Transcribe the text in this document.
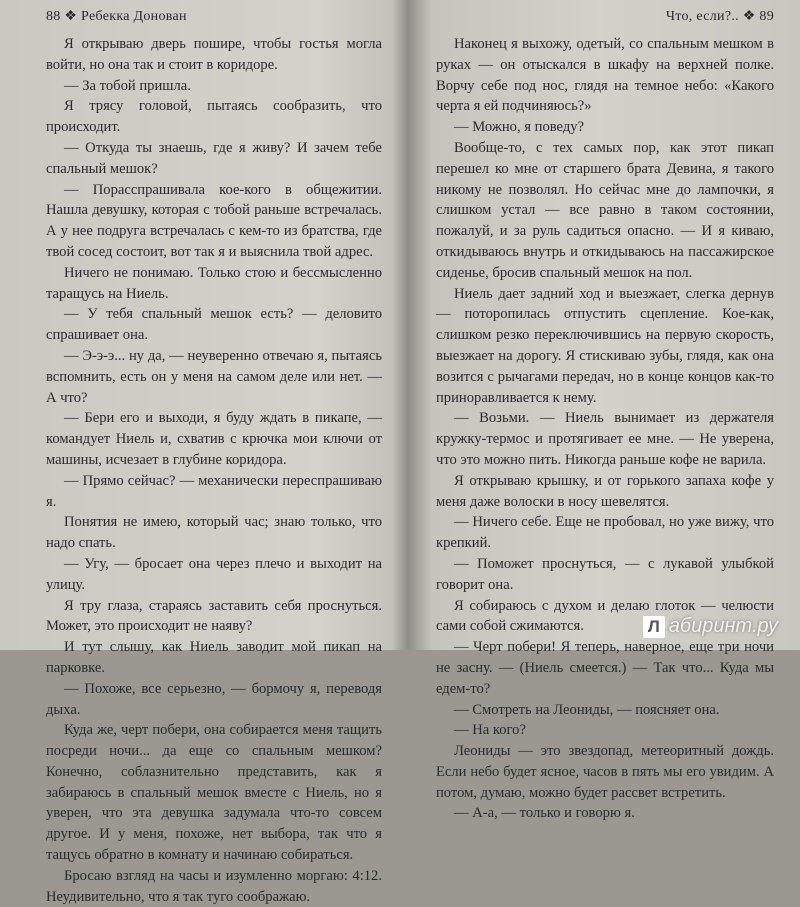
88 ❖ Ребекка Донован

Я открываю дверь пошире, чтобы гостья могла войти, но она так и стоит в коридоре.

— За тобой пришла.

Я трясу головой, пытаясь сообразить, что происходит.

— Откуда ты знаешь, где я живу? И зачем тебе спальный мешок?

— Порасспрашивала кое-кого в общежитии. Нашла девушку, которая с тобой раньше встречалась. А у нее подруга встречалась с кем-то из братства, где твой сосед состоит, вот так я и выяснила твой адрес.

Ничего не понимаю. Только стою и бессмысленно таращусь на Ниель.

— У тебя спальный мешок есть? — деловито спрашивает она.

— Э-э-э... ну да, — неуверенно отвечаю я, пытаясь вспомнить, есть он у меня на самом деле или нет. — А что?

— Бери его и выходи, я буду ждать в пикапе, — командует Ниель и, схватив с крючка мои ключи от машины, исчезает в глубине коридора.

— Прямо сейчас? — механически переспрашиваю я.

Понятия не имею, который час; знаю только, что надо спать.

— Угу, — бросает она через плечо и выходит на улицу.

Я тру глаза, стараясь заставить себя проснуться. Может, это происходит не наяву?

И тут слышу, как Ниель заводит мой пикап на парковке.

— Похоже, все серьезно, — бормочу я, переводя дыха.

Куда же, черт побери, она собирается меня тащить посреди ночи... да еще со спальным мешком? Конечно, соблазнительно представить, как я забираюсь в спальный мешок вместе с Ниель, но я уверен, что эта девушка задумала что-то совсем другое. И у меня, похоже, нет выбора, так что я тащусь обратно в комнату и начинаю собираться.

Бросаю взгляд на часы и изумленно моргаю: 4:12. Неудивительно, что я так туго соображаю.

Что, если?.. ❖ 89

Наконец я выхожу, одетый, со спальным мешком в руках — он отыскался в шкафу на верхней полке. Ворчу себе под нос, глядя на темное небо: «Какого черта я ей подчиняюсь?»

— Можно, я поведу?

Вообще-то, с тех самых пор, как этот пикап перешел ко мне от старшего брата Девина, я такого никому не позволял. Но сейчас мне до лампочки, я слишком устал — все равно в таком состоянии, пожалуй, и за руль садиться опасно. — И я киваю, откидываюсь внутрь и откидываюсь на пассажирское сиденье, бросив спальный мешок на пол.

Ниель дает задний ход и выезжает, слегка дернув — поторопилась отпустить сцепление. Кое-как, слишком резко переключившись на первую скорость, выезжает на дорогу. Я стискиваю зубы, глядя, как она возится с рычагами передач, но в конце концов как-то приноравливается к нему.

— Возьми. — Ниель вынимает из держателя кружку-термос и протягивает ее мне. — Не уверена, что это можно пить. Никогда раньше кофе не варила.

Я открываю крышку, и от горького запаха кофе у меня даже волоски в носу шевелятся.

— Ничего себе. Еще не пробовал, но уже вижу, что крепкий.

— Поможет проснуться, — с лукавой улыбкой говорит она.

Я собираюсь с духом и делаю глоток — челюсти сами собой сжимаются.

— Черт побери! Я теперь, наверное, еще три ночи не засну. — (Ниель смеется.) — Так что... Куда мы едем-то?

— Смотреть на Леониды, — поясняет она.

— На кого?

Леониды — это звездопад, метеоритный дождь. Если небо будет ясное, часов в пять мы его увидим. А потом, думаю, можно будет рассвет встретить.

— А-а, — только и говорю я.

Л абиринт.ру
